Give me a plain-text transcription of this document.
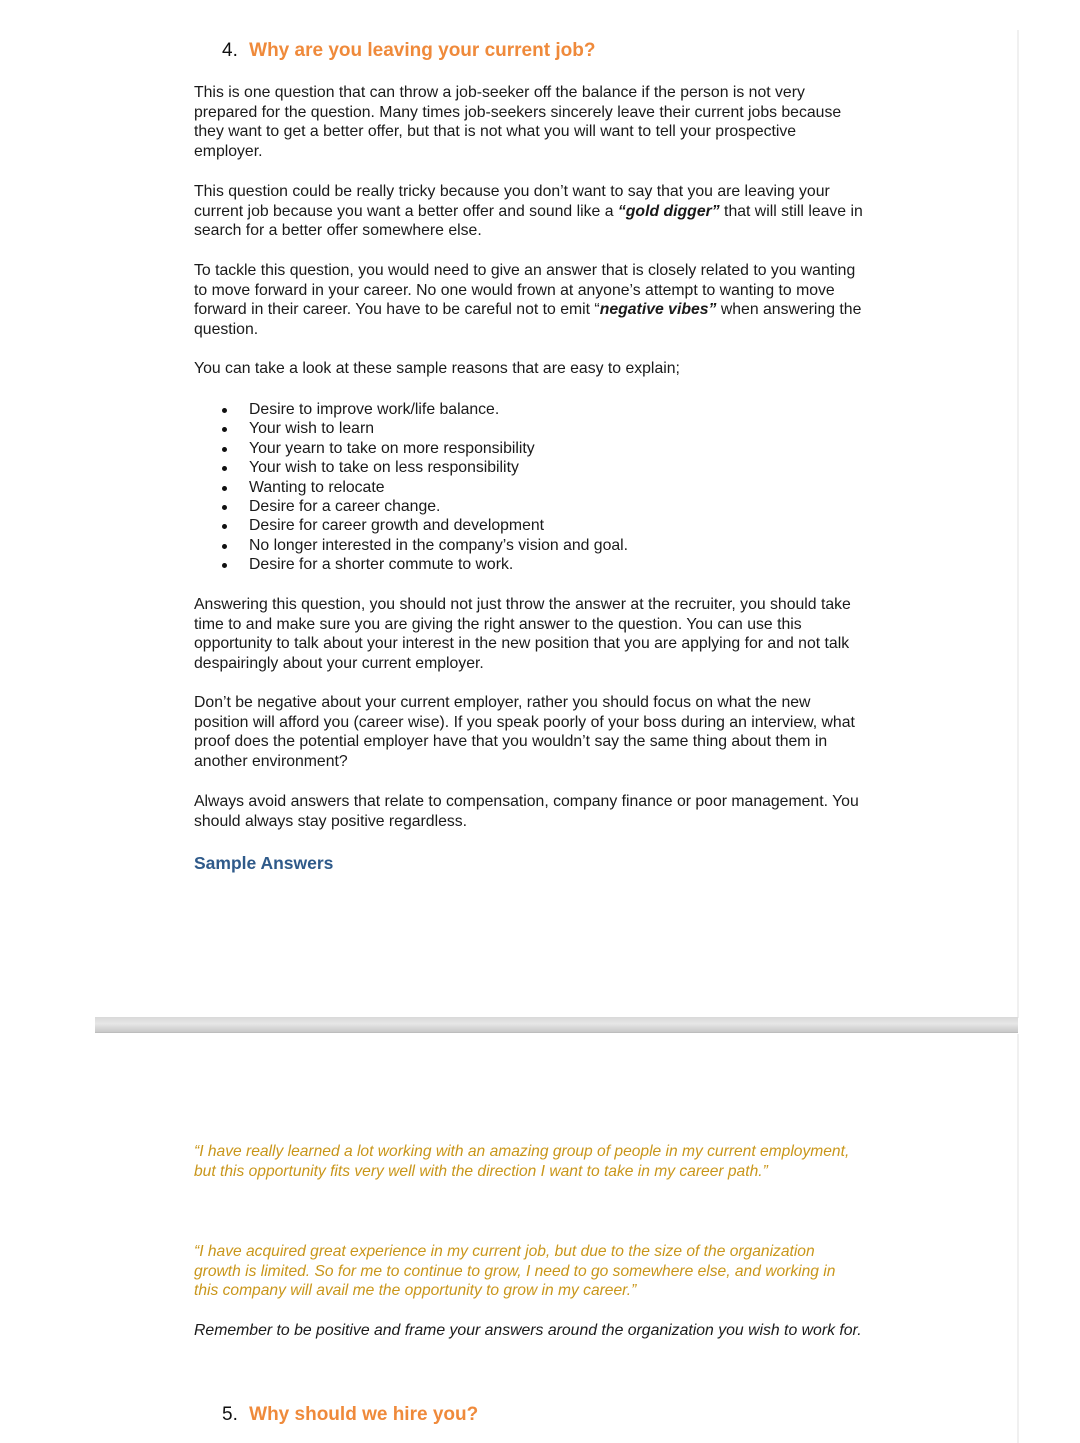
4. Why are you leaving your current job?

This is one question that can throw a job-seeker off the balance if the person is not very
prepared for the question. Many times job-seekers sincerely leave their current jobs because
they want to get a better offer, but that is not what you will want to tell your prospective
employer.

This question could be really tricky because you don’t want to say that you are leaving your
current job because you want a better offer and sound like a “gold digger” that will still leave in
search for a better offer somewhere else.

To tackle this question, you would need to give an answer that is closely related to you wanting
to move forward in your career. No one would frown at anyone’s attempt to wanting to move
forward in their career. You have to be careful not to emit “negative vibes” when answering the
question.

You can take a look at these sample reasons that are easy to explain;

Desire to improve work/life balance.
Your wish to learn
Your yearn to take on more responsibility
Your wish to take on less responsibility
Wanting to relocate
Desire for a career change.
Desire for career growth and development
No longer interested in the company’s vision and goal.
Desire for a shorter commute to work.

Answering this question, you should not just throw the answer at the recruiter, you should take
time to and make sure you are giving the right answer to the question. You can use this
opportunity to talk about your interest in the new position that you are applying for and not talk
despairingly about your current employer.

Don’t be negative about your current employer, rather you should focus on what the new
position will afford you (career wise). If you speak poorly of your boss during an interview, what
proof does the potential employer have that you wouldn’t say the same thing about them in
another environment?

Always avoid answers that relate to compensation, company finance or poor management. You
should always stay positive regardless.

Sample Answers

“I have really learned a lot working with an amazing group of people in my current employment,
but this opportunity fits very well with the direction I want to take in my career path.”

“I have acquired great experience in my current job, but due to the size of the organization
growth is limited. So for me to continue to grow, I need to go somewhere else, and working in
this company will avail me the opportunity to grow in my career.”

Remember to be positive and frame your answers around the organization you wish to work for.
5. Why should we hire you?
